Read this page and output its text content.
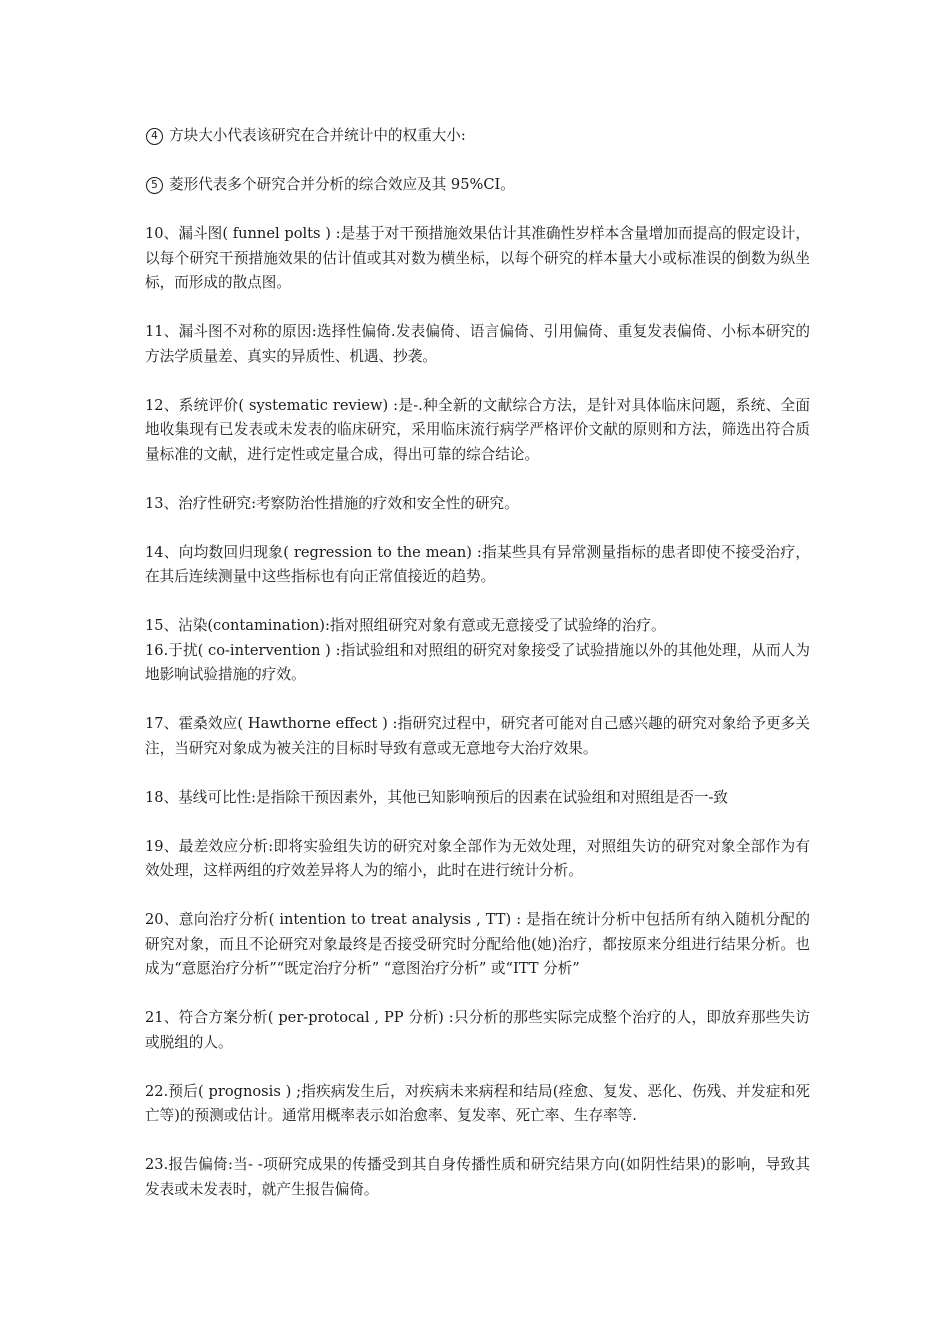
4 方块大小代表该研究在合并统计中的权重大小:

5 菱形代表多个研究合并分析的综合效应及其 95%CI。

10、漏斗图( funnel polts ) :是基于对干预措施效果估计其准确性岁样本含量增加而提高的假定设计，以每个研究干预措施效果的估计值或其对数为横坐标，以每个研究的样本量大小或标准误的倒数为纵坐标，而形成的散点图。

11、漏斗图不对称的原因:选择性偏倚.发表偏倚、语言偏倚、引用偏倚、重复发表偏倚、小标本研究的方法学质量差、真实的异质性、机遇、抄袭。

12、系统评价( systematic review) :是-.种全新的文献综合方法，是针对具体临床问题，系统、全面地收集现有已发表或未发表的临床研究，采用临床流行病学严格评价文献的原则和方法，筛选出符合质量标准的文献，进行定性或定量合成，得出可靠的综合结论。

13、治疗性研究:考察防治性措施的疗效和安全性的研究。

14、向均数回归现象( regression to the mean) :指某些具有异常测量指标的患者即使不接受治疗，在其后连续测量中这些指标也有向正常值接近的趋势。

15、沾染(contamination):指对照组研究对象有意或无意接受了试验绛的治疗。

16.于扰( co-intervention ) :指试验组和对照组的研究对象接受了试验措施以外的其他处理，从而人为地影响试验措施的疗效。

17、霍桑效应( Hawthorne effect ) :指研究过程中，研究者可能对自己感兴趣的研究对象给予更多关注，当研究对象成为被关注的目标时导致有意或无意地夸大治疗效果。

18、基线可比性:是指除干预因素外，其他已知影响预后的因素在试验组和对照组是否一-致

19、最差效应分析:即将实验组失访的研究对象全部作为无效处理，对照组失访的研究对象全部作为有效处理，这样两组的疗效差异将人为的缩小，此时在进行统计分析。

20、意向治疗分析( intention to treat analysis , TT) : 是指在统计分析中包括所有纳入随机分配的研究对象，而且不论研究对象最终是否接受研究时分配给他(她)治疗，都按原来分组进行结果分析。也成为“意愿治疗分析”“既定治疗分析” “意图治疗分析” 或“ITT 分析”

21、符合方案分析( per-protocal , PP 分析) :只分析的那些实际完成整个治疗的人，即放弃那些失访或脱组的人。

22.预后( prognosis ) ;指疾病发生后，对疾病未来病程和结局(痊愈、复发、恶化、伤残、并发症和死亡等)的预测或估计。通常用概率表示如治愈率、复发率、死亡率、生存率等.

23.报告偏倚:当- -项研究成果的传播受到其自身传播性质和研究结果方向(如阴性结果)的影响，导致其发表或未发表时，就产生报告偏倚。
